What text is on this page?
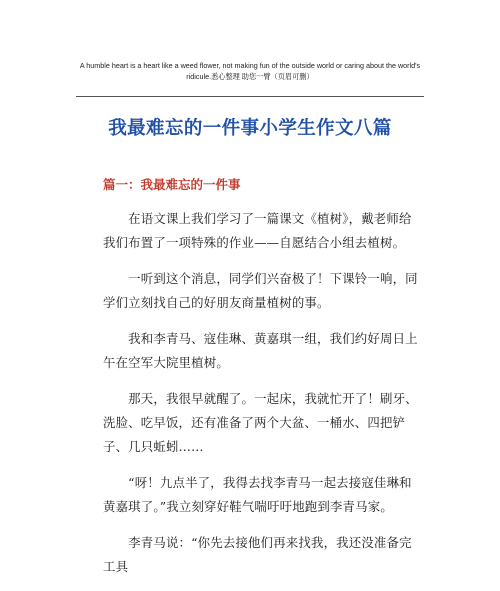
A humble heart is a heart like a weed flower, not making fun of the outside world or caring about the world's
ridicule.悉心整理 助您一臂（页眉可删）
我最难忘的一件事小学生作文八篇
篇一：我最难忘的一件事

　　在语文课上我们学习了一篇课文《植树》，戴老师给我们布置了一项特殊的作业——自愿结合小组去植树。

　　一听到这个消息，同学们兴奋极了！下课铃一响，同学们立刻找自己的好朋友商量植树的事。

　　我和李青马、寇佳琳、黄嘉琪一组，我们约好周日上午在空军大院里植树。

　　那天，我很早就醒了。一起床，我就忙开了！刷牙、洗脸、吃早饭，还有准备了两个大盆、一桶水、四把铲子、几只蚯蚓……

　　“呀！九点半了，我得去找李青马一起去接寇佳琳和黄嘉琪了。”我立刻穿好鞋气喘吁吁地跑到李青马家。

　　李青马说：“你先去接他们再来找我，我还没准备完工具
